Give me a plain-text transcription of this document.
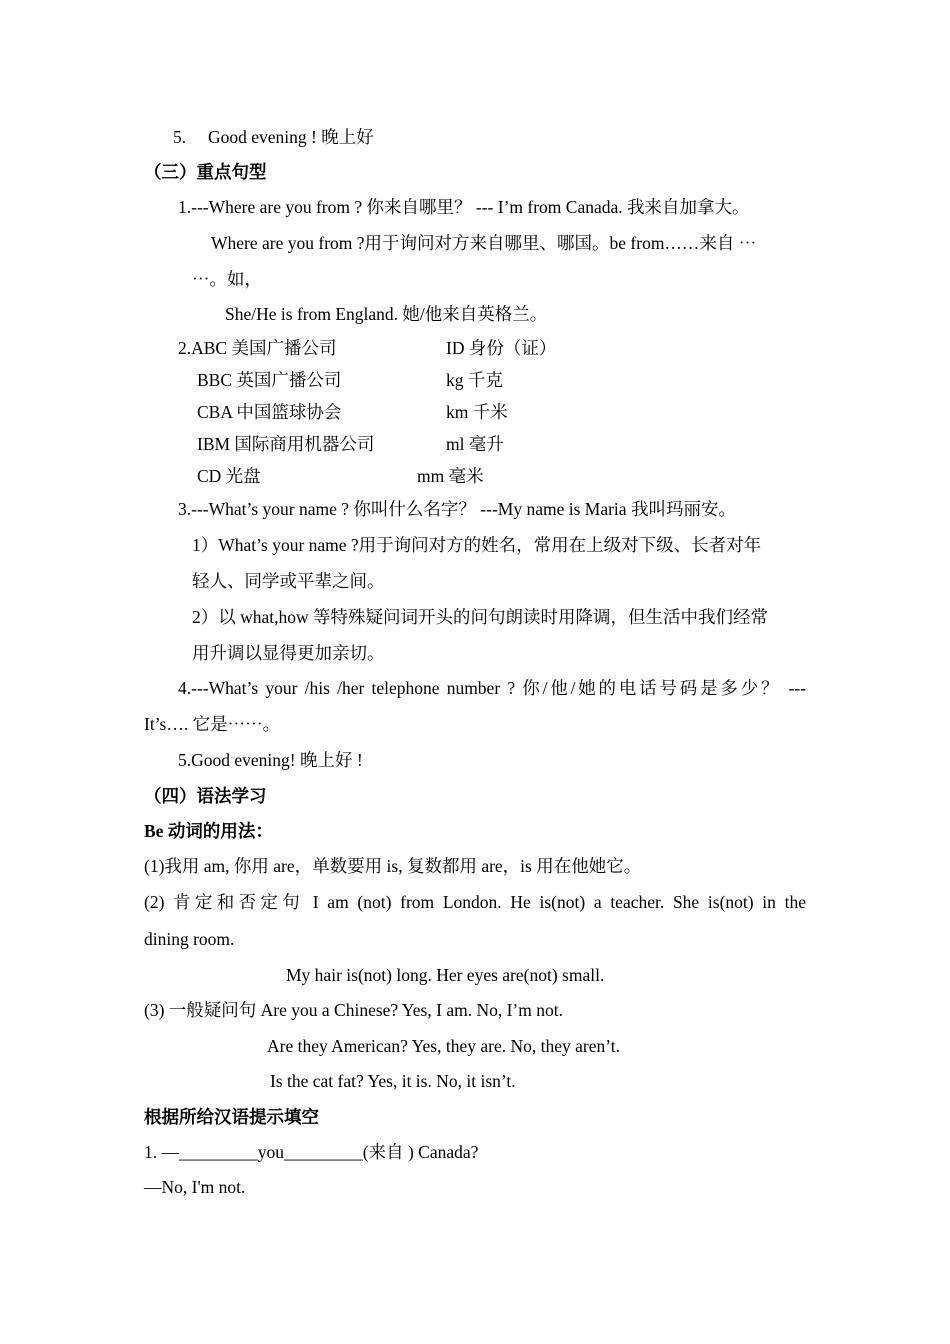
5.     Good evening ! 晚上好
（三）重点句型
1.---Where are you from ? 你来自哪里？ --- I’m from Canada. 我来自加拿大。
Where are you from ?用于询问对方来自哪里、哪国。be from……来自 ⋯
⋯。如，
She/He is from England. 她/他来自英格兰。
2.ABC 美国广播公司	ID 身份（证）
BBC 英国广播公司	kg 千克
CBA 中国篮球协会	km 千米
IBM 国际商用机器公司	ml 毫升
CD 光盘	mm 毫米
3.---What’s your name ? 你叫什么名字？ ---My name is Maria 我叫玛丽安。
1）What’s your name ?用于询问对方的姓名，常用在上级对下级、长者对年
轻人、同学或平辈之间。
2）以 what,how 等特殊疑问词开头的问句朗读时用降调，但生活中我们经常
用升调以显得更加亲切。
4.---What’s your /his /her telephone number ? 你/他/她的电话号码是多少？ ---
It’s…. 它是⋯⋯。
5.Good evening! 晚上好 !
（四）语法学习
Be 动词的用法：
(1)我用 am, 你用 are，单数要用 is, 复数都用 are，is 用在他她它。
(2) 肯定和否定句 I am (not) from London. He is(not) a teacher. She is(not) in the
dining room.
My hair is(not) long. Her eyes are(not) small.
(3) 一般疑问句 Are you a Chinese? Yes, I am. No, I’m not.
Are they American? Yes, they are. No, they aren’t.
Is the cat fat? Yes, it is. No, it isn’t.
根据所给汉语提示填空
1. —_________you_________(来自 ) Canada?
—No, I'm not.
